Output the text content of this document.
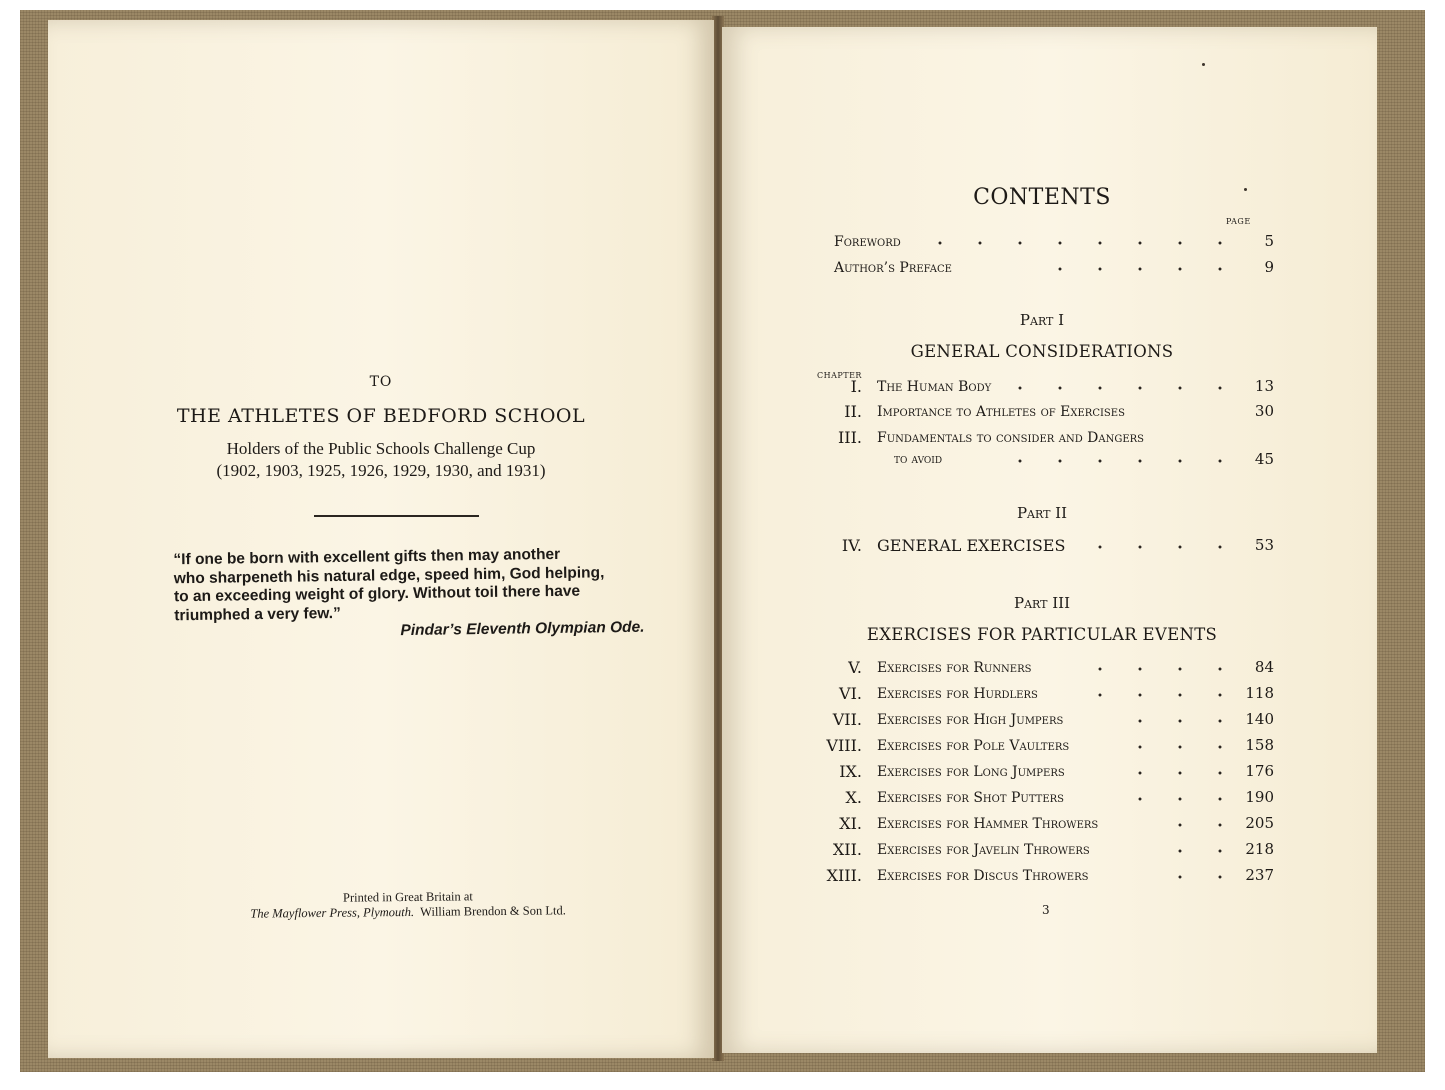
TO
THE ATHLETES OF BEDFORD SCHOOL
Holders of the Public Schools Challenge Cup
(1902, 1903, 1925, 1926, 1929, 1930, and 1931)
“If one be born with excellent gifts then may another
who sharpeneth his natural edge, speed him, God helping,
to an exceeding weight of glory. Without toil there have
triumphed a very few.”
Pindar’s Eleventh Olympian Ode.
Printed in Great Britain at
The Mayflower Press, Plymouth. William Brendon & Son Ltd.
CONTENTS
PAGE
Foreword	5
Author’s Preface	9
Part I
GENERAL CONSIDERATIONS
CHAPTER
I. The Human Body	13
II. Importance to Athletes of Exercises	30
III. Fundamentals to consider and Dangers
to avoid	45
Part II
IV. GENERAL EXERCISES	53
Part III
EXERCISES FOR PARTICULAR EVENTS
V. Exercises for Runners	84
VI. Exercises for Hurdlers	118
VII. Exercises for High Jumpers	140
VIII. Exercises for Pole Vaulters	158
IX. Exercises for Long Jumpers	176
X. Exercises for Shot Putters	190
XI. Exercises for Hammer Throwers	205
XII. Exercises for Javelin Throwers	218
XIII. Exercises for Discus Throwers	237
3
